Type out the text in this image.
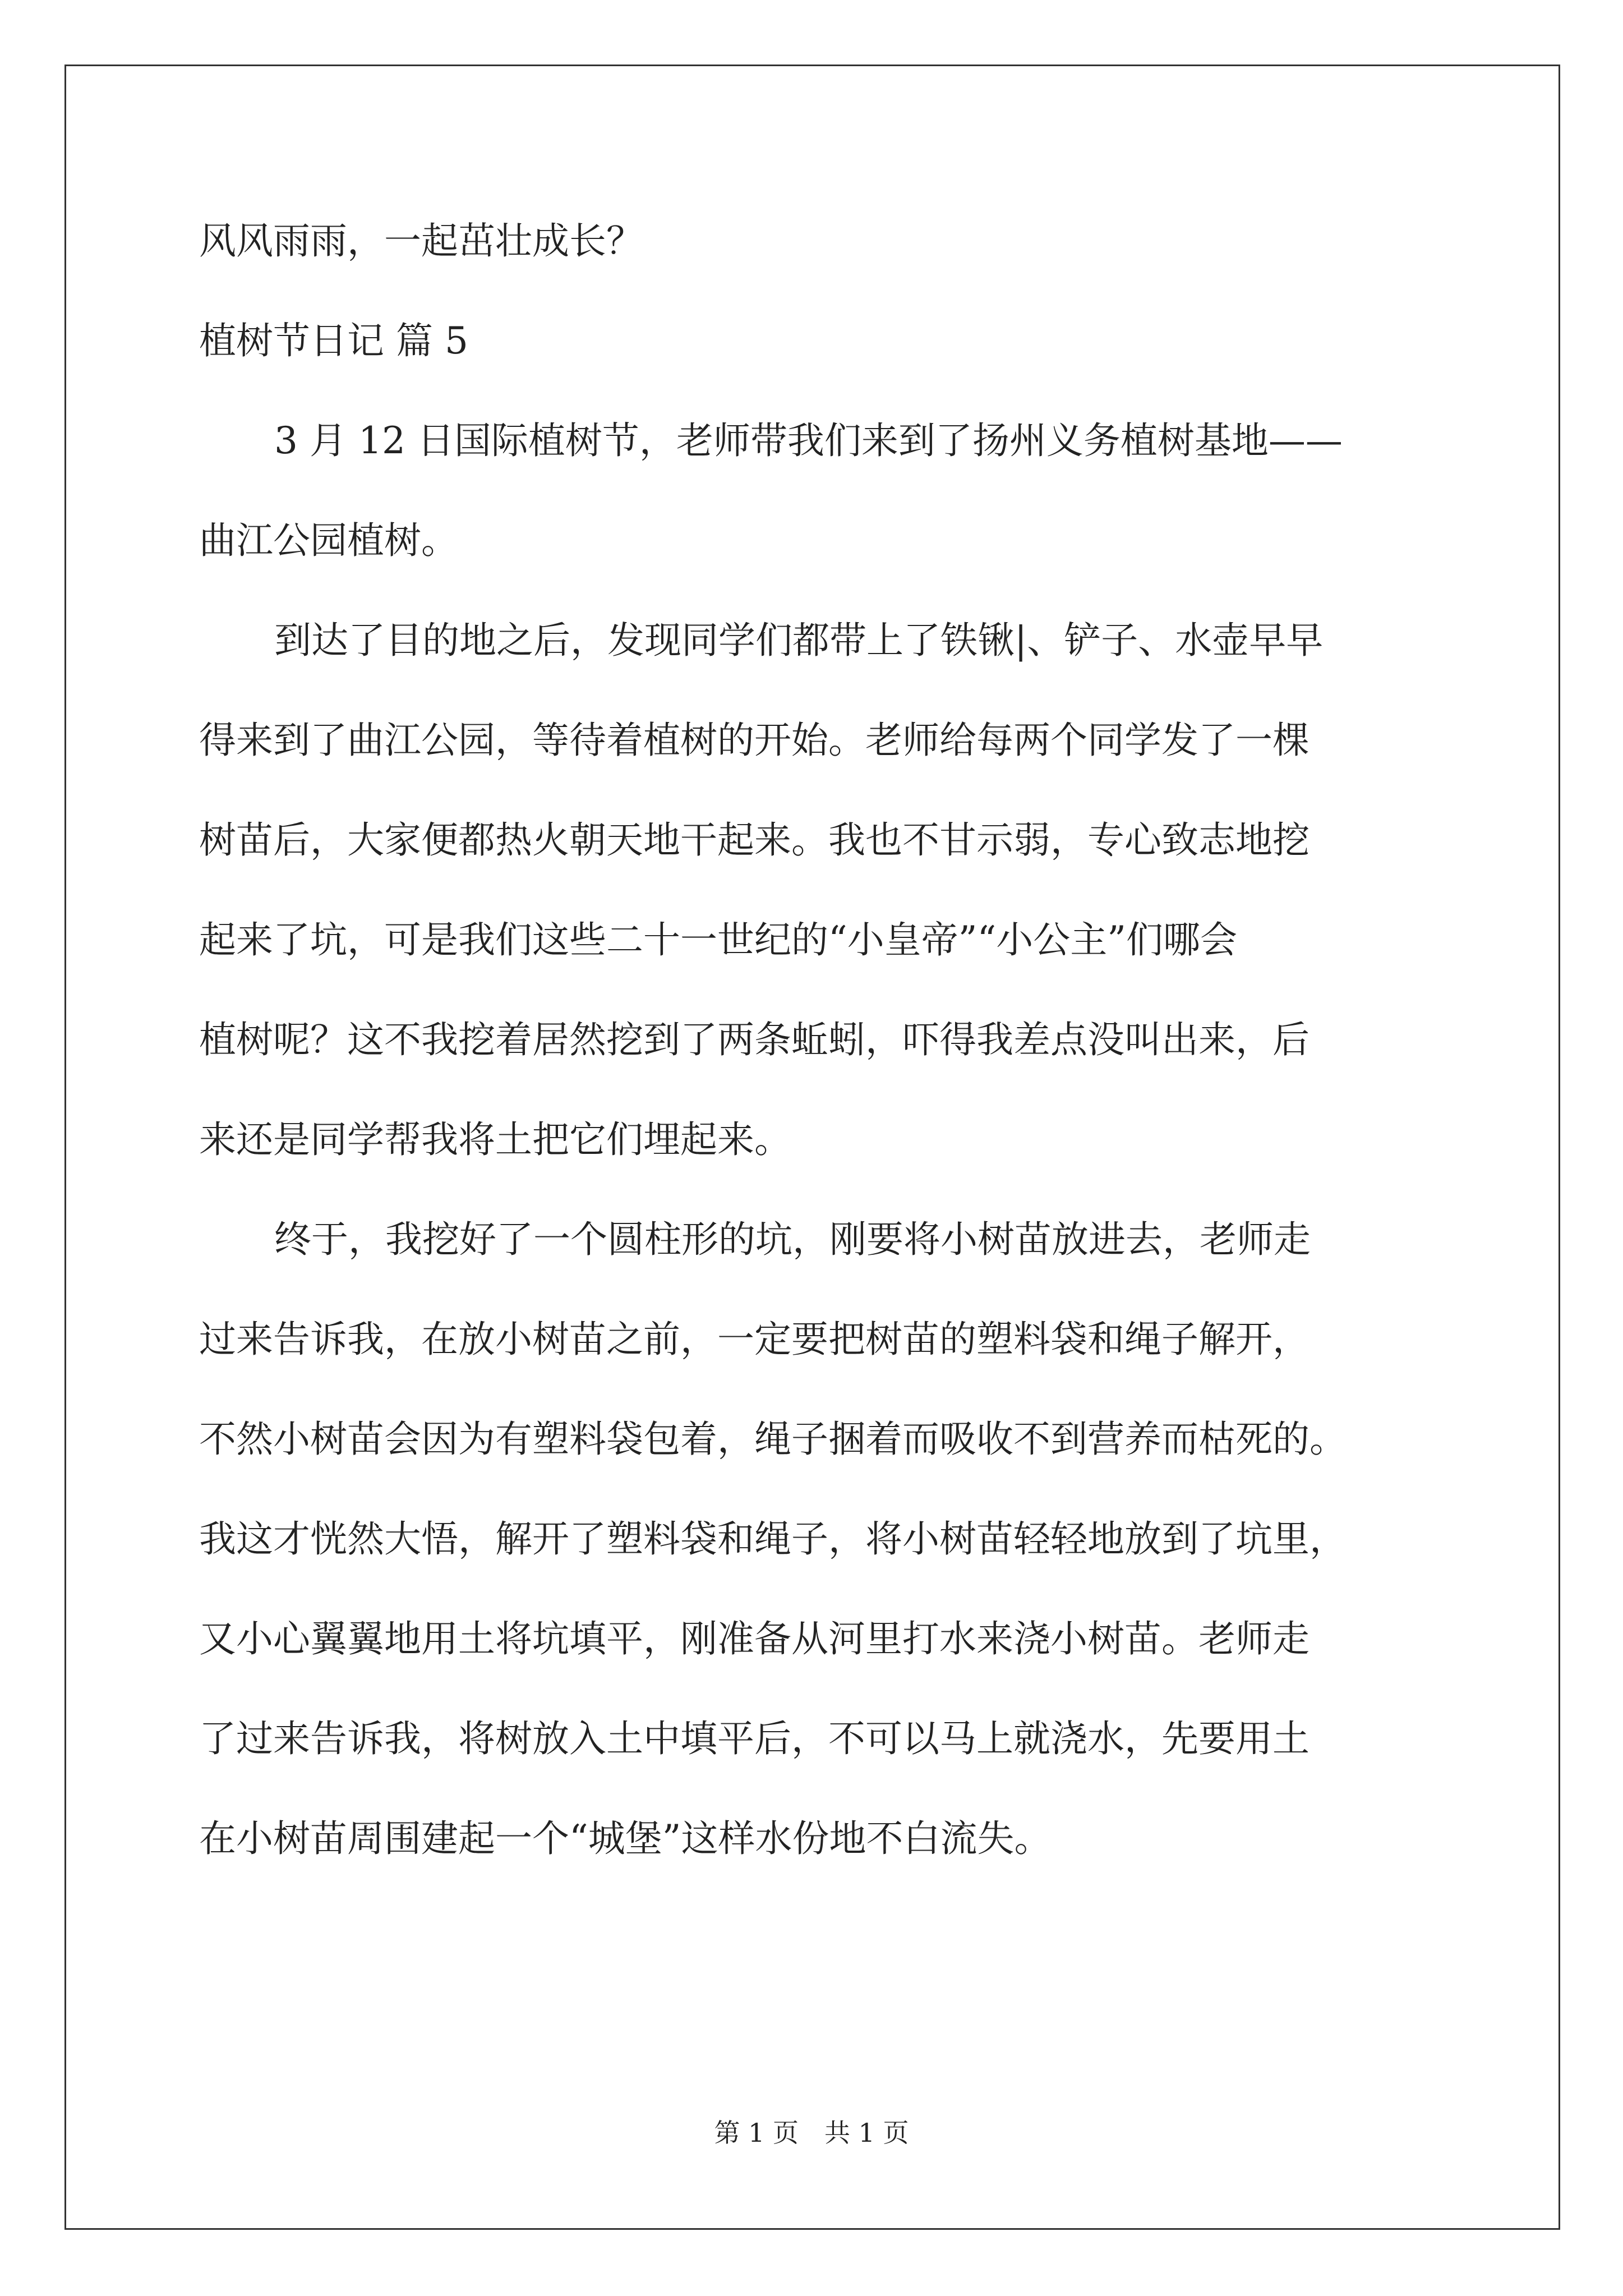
风风雨雨，一起茁壮成长？
植树节日记 篇 5
3 月 12 日国际植树节，老师带我们来到了扬州义务植树基地——
曲江公园植树。
到达了目的地之后，发现同学们都带上了铁锹|、铲子、水壶早早
得来到了曲江公园，等待着植树的开始。老师给每两个同学发了一棵
树苗后，大家便都热火朝天地干起来。我也不甘示弱，专心致志地挖
起来了坑，可是我们这些二十一世纪的“小皇帝”“小公主”们哪会
植树呢？这不我挖着居然挖到了两条蚯蚓，吓得我差点没叫出来，后
来还是同学帮我将土把它们埋起来。
终于，我挖好了一个圆柱形的坑，刚要将小树苗放进去，老师走
过来告诉我，在放小树苗之前，一定要把树苗的塑料袋和绳子解开，
不然小树苗会因为有塑料袋包着，绳子捆着而吸收不到营养而枯死的。
我这才恍然大悟，解开了塑料袋和绳子，将小树苗轻轻地放到了坑里，
又小心翼翼地用土将坑填平，刚准备从河里打水来浇小树苗。老师走
了过来告诉我，将树放入土中填平后，不可以马上就浇水，先要用土
在小树苗周围建起一个“城堡”这样水份地不白流失。
第 1 页　共 1 页
